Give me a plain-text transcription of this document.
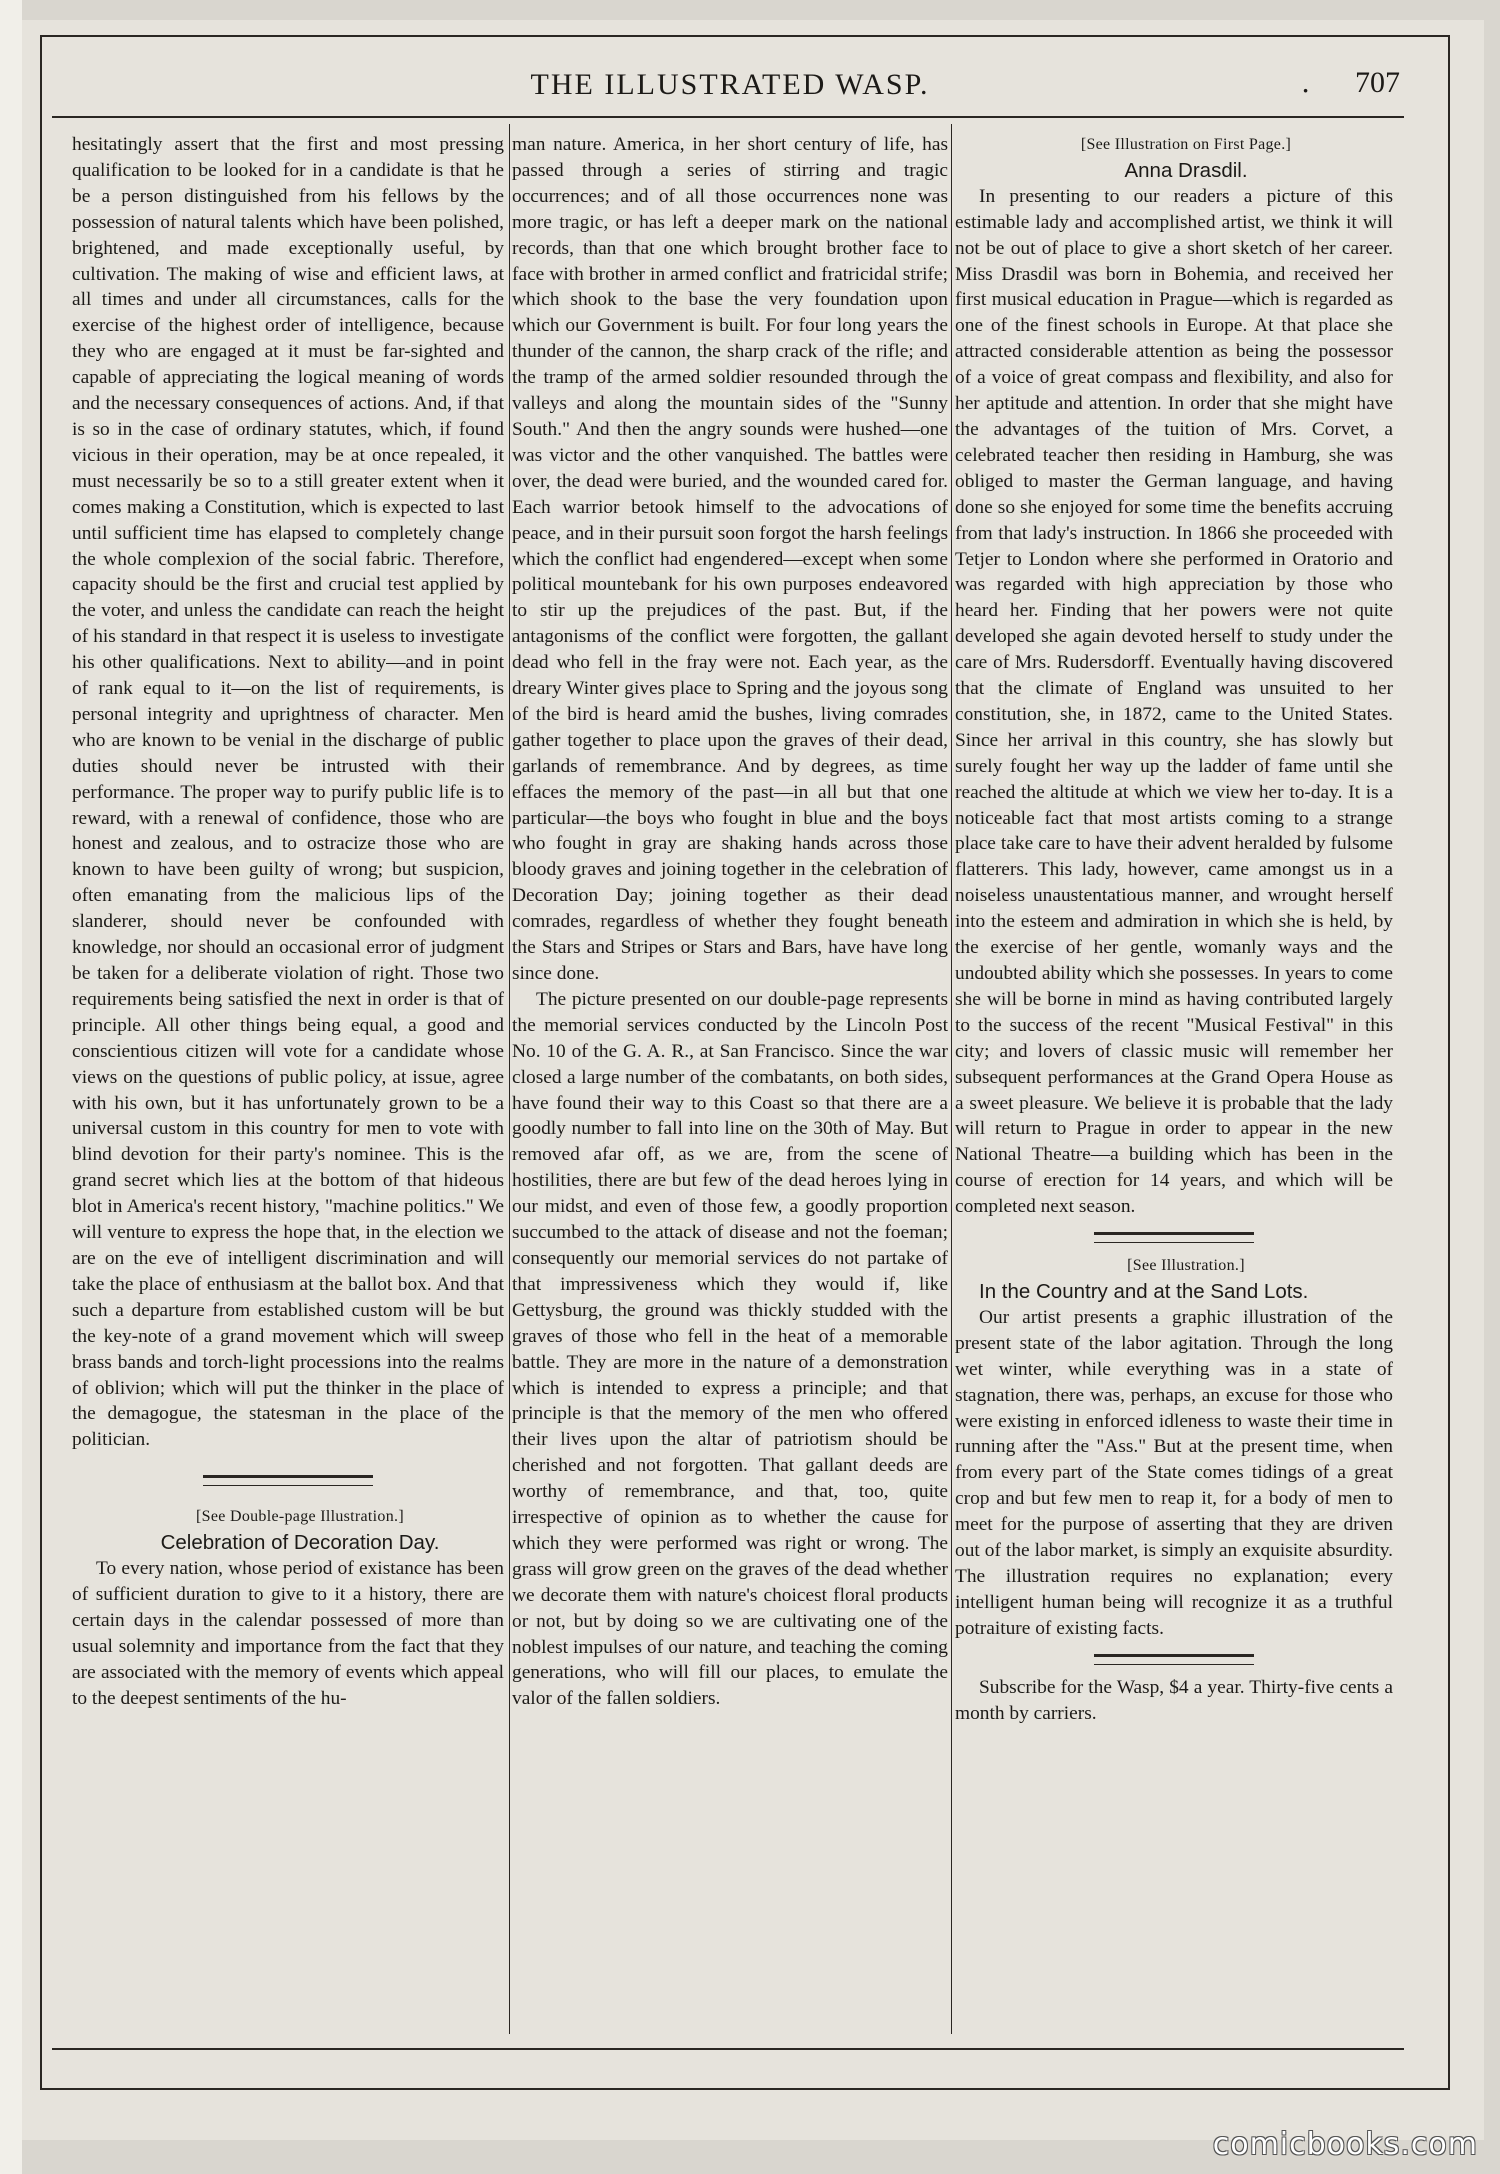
THE ILLUSTRATED WASP.	. 707

hesitatingly assert that the first and most pressing qualification to be looked for in a candidate is that he be a person distinguished from his fellows by the possession of natural talents which have been polished, brightened, and made exceptionally useful, by cultivation. The making of wise and efficient laws, at all times and under all circumstances, calls for the exercise of the highest order of intelligence, because they who are engaged at it must be far-sighted and capable of appreciating the logical meaning of words and the necessary consequences of actions. And, if that is so in the case of ordinary statutes, which, if found vicious in their operation, may be at once repealed, it must necessarily be so to a still greater extent when it comes making a Constitution, which is expected to last until sufficient time has elapsed to completely change the whole complexion of the social fabric. Therefore, capacity should be the first and crucial test applied by the voter, and unless the candidate can reach the height of his standard in that respect it is useless to investigate his other qualifications. Next to ability—and in point of rank equal to it—on the list of requirements, is personal integrity and uprightness of character. Men who are known to be venial in the discharge of public duties should never be intrusted with their performance. The proper way to purify public life is to reward, with a renewal of confidence, those who are honest and zealous, and to ostracize those who are known to have been guilty of wrong; but suspicion, often emanating from the malicious lips of the slanderer, should never be confounded with knowledge, nor should an occasional error of judgment be taken for a deliberate violation of right. Those two requirements being satisfied the next in order is that of principle. All other things being equal, a good and conscientious citizen will vote for a candidate whose views on the questions of public policy, at issue, agree with his own, but it has unfortunately grown to be a universal custom in this country for men to vote with blind devotion for their party's nominee. This is the grand secret which lies at the bottom of that hideous blot in America's recent history, "machine politics." We will venture to express the hope that, in the election we are on the eve of intelligent discrimination and will take the place of enthusiasm at the ballot box. And that such a departure from established custom will be but the key-note of a grand movement which will sweep brass bands and torch-light processions into the realms of oblivion; which will put the thinker in the place of the demagogue, the statesman in the place of the politician.

[See Double-page Illustration.]

Celebration of Decoration Day.

To every nation, whose period of existance has been of sufficient duration to give to it a history, there are certain days in the calendar possessed of more than usual solemnity and importance from the fact that they are associated with the memory of events which appeal to the deepest sentiments of the hu-

man nature. America, in her short century of life, has passed through a series of stirring and tragic occurrences; and of all those occurrences none was more tragic, or has left a deeper mark on the national records, than that one which brought brother face to face with brother in armed conflict and fratricidal strife; which shook to the base the very foundation upon which our Government is built. For four long years the thunder of the cannon, the sharp crack of the rifle; and the tramp of the armed soldier resounded through the valleys and along the mountain sides of the "Sunny South." And then the angry sounds were hushed—one was victor and the other vanquished. The battles were over, the dead were buried, and the wounded cared for. Each warrior betook himself to the advocations of peace, and in their pursuit soon forgot the harsh feelings which the conflict had engendered—except when some political mountebank for his own purposes endeavored to stir up the prejudices of the past. But, if the antagonisms of the conflict were forgotten, the gallant dead who fell in the fray were not. Each year, as the dreary Winter gives place to Spring and the joyous song of the bird is heard amid the bushes, living comrades gather together to place upon the graves of their dead, garlands of remembrance. And by degrees, as time effaces the memory of the past—in all but that one particular—the boys who fought in blue and the boys who fought in gray are shaking hands across those bloody graves and joining together in the celebration of Decoration Day; joining together as their dead comrades, regardless of whether they fought beneath the Stars and Stripes or Stars and Bars, have have long since done.

The picture presented on our double-page represents the memorial services conducted by the Lincoln Post No. 10 of the G. A. R., at San Francisco. Since the war closed a large number of the combatants, on both sides, have found their way to this Coast so that there are a goodly number to fall into line on the 30th of May. But removed afar off, as we are, from the scene of hostilities, there are but few of the dead heroes lying in our midst, and even of those few, a goodly proportion succumbed to the attack of disease and not the foeman; consequently our memorial services do not partake of that impressiveness which they would if, like Gettysburg, the ground was thickly studded with the graves of those who fell in the heat of a memorable battle. They are more in the nature of a demonstration which is intended to express a principle; and that principle is that the memory of the men who offered their lives upon the altar of patriotism should be cherished and not forgotten. That gallant deeds are worthy of remembrance, and that, too, quite irrespective of opinion as to whether the cause for which they were performed was right or wrong. The grass will grow green on the graves of the dead whether we decorate them with nature's choicest floral products or not, but by doing so we are cultivating one of the noblest impulses of our nature, and teaching the coming generations, who will fill our places, to emulate the valor of the fallen soldiers.

[See Illustration on First Page.]

Anna Drasdil.

In presenting to our readers a picture of this estimable lady and accomplished artist, we think it will not be out of place to give a short sketch of her career. Miss Drasdil was born in Bohemia, and received her first musical education in Prague—which is regarded as one of the finest schools in Europe. At that place she attracted considerable attention as being the possessor of a voice of great compass and flexibility, and also for her aptitude and attention. In order that she might have the advantages of the tuition of Mrs. Corvet, a celebrated teacher then residing in Hamburg, she was obliged to master the German language, and having done so she enjoyed for some time the benefits accruing from that lady's instruction. In 1866 she proceeded with Tetjer to London where she performed in Oratorio and was regarded with high appreciation by those who heard her. Finding that her powers were not quite developed she again devoted herself to study under the care of Mrs. Rudersdorff. Eventually having discovered that the climate of England was unsuited to her constitution, she, in 1872, came to the United States. Since her arrival in this country, she has slowly but surely fought her way up the ladder of fame until she reached the altitude at which we view her to-day. It is a noticeable fact that most artists coming to a strange place take care to have their advent heralded by fulsome flatterers. This lady, however, came amongst us in a noiseless unaustentatious manner, and wrought herself into the esteem and admiration in which she is held, by the exercise of her gentle, womanly ways and the undoubted ability which she possesses. In years to come she will be borne in mind as having contributed largely to the success of the recent "Musical Festival" in this city; and lovers of classic music will remember her subsequent performances at the Grand Opera House as a sweet pleasure. We believe it is probable that the lady will return to Prague in order to appear in the new National Theatre—a building which has been in the course of erection for 14 years, and which will be completed next season.

[See Illustration.]

In the Country and at the Sand Lots.

Our artist presents a graphic illustration of the present state of the labor agitation. Through the long wet winter, while everything was in a state of stagnation, there was, perhaps, an excuse for those who were existing in enforced idleness to waste their time in running after the "Ass." But at the present time, when from every part of the State comes tidings of a great crop and but few men to reap it, for a body of men to meet for the purpose of asserting that they are driven out of the labor market, is simply an exquisite absurdity. The illustration requires no explanation; every intelligent human being will recognize it as a truthful potraiture of existing facts.

Subscribe for the Wasp, $4 a year. Thirty-five cents a month by carriers.

comicbooks.com
